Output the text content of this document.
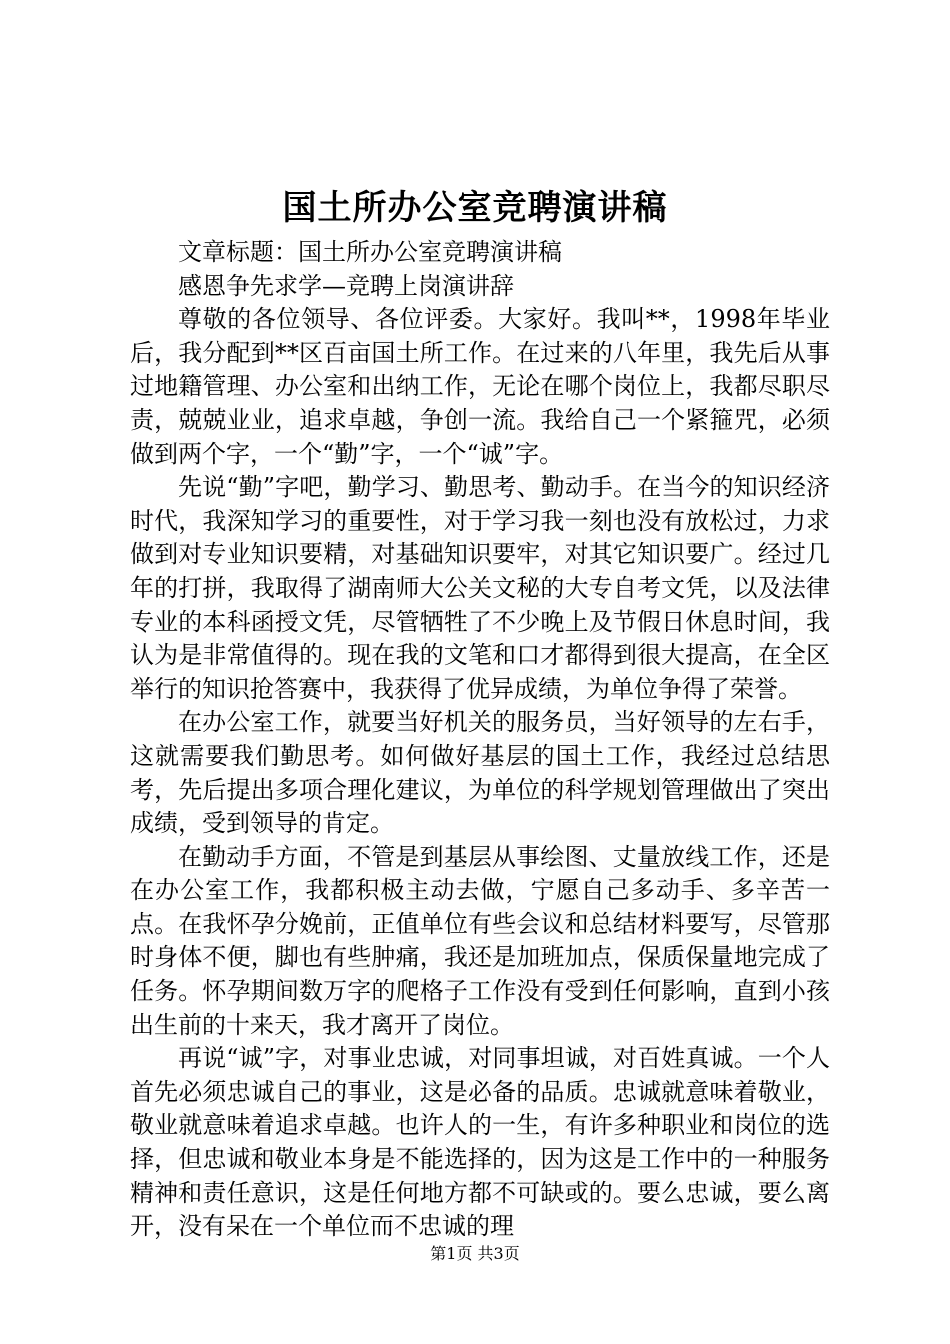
国土所办公室竞聘演讲稿

文章标题：国土所办公室竞聘演讲稿

感恩争先求学—竞聘上岗演讲辞

尊敬的各位领导、各位评委。大家好。我叫**，1998年毕业后，我分配到**区百亩国土所工作。在过来的八年里，我先后从事过地籍管理、办公室和出纳工作，无论在哪个岗位上，我都尽职尽责，兢兢业业，追求卓越，争创一流。我给自己一个紧箍咒，必须做到两个字，一个“勤”字，一个“诚”字。

先说“勤”字吧，勤学习、勤思考、勤动手。在当今的知识经济时代，我深知学习的重要性，对于学习我一刻也没有放松过，力求做到对专业知识要精，对基础知识要牢，对其它知识要广。经过几年的打拼，我取得了湖南师大公关文秘的大专自考文凭，以及法律专业的本科函授文凭，尽管牺牲了不少晚上及节假日休息时间，我认为是非常值得的。现在我的文笔和口才都得到很大提高，在全区举行的知识抢答赛中，我获得了优异成绩，为单位争得了荣誉。

在办公室工作，就要当好机关的服务员，当好领导的左右手，这就需要我们勤思考。如何做好基层的国土工作，我经过总结思考，先后提出多项合理化建议，为单位的科学规划管理做出了突出成绩，受到领导的肯定。

在勤动手方面，不管是到基层从事绘图、丈量放线工作，还是在办公室工作，我都积极主动去做，宁愿自己多动手、多辛苦一点。在我怀孕分娩前，正值单位有些会议和总结材料要写，尽管那时身体不便，脚也有些肿痛，我还是加班加点，保质保量地完成了任务。怀孕期间数万字的爬格子工作没有受到任何影响，直到小孩出生前的十来天，我才离开了岗位。

再说“诚”字，对事业忠诚，对同事坦诚，对百姓真诚。一个人首先必须忠诚自己的事业，这是必备的品质。忠诚就意味着敬业，敬业就意味着追求卓越。也许人的一生，有许多种职业和岗位的选择，但忠诚和敬业本身是不能选择的，因为这是工作中的一种服务精神和责任意识，这是任何地方都不可缺或的。要么忠诚，要么离开，没有呆在一个单位而不忠诚的理

第1页 共3页
